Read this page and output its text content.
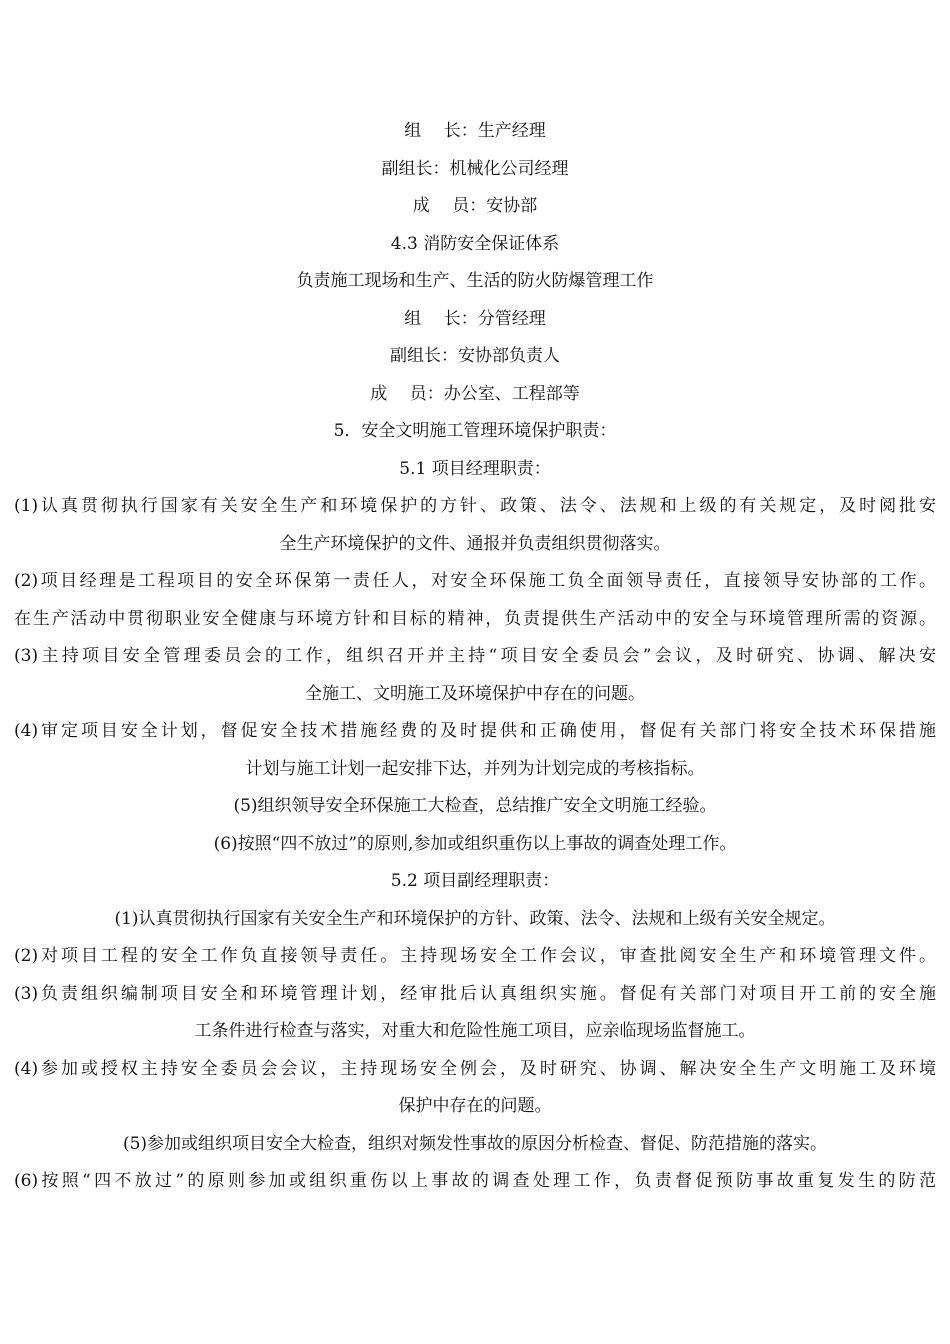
组　 长：生产经理
副组长：机械化公司经理
成　 员：安协部
4.3 消防安全保证体系
负责施工现场和生产、生活的防火防爆管理工作
组　 长：分管经理
副组长：安协部负责人
成　 员：办公室、工程部等
5．安全文明施工管理环境保护职责：
5.1 项目经理职责：
(1)认真贯彻执行国家有关安全生产和环境保护的方针、政策、法令、法规和上级的有关规定，及时阅批安
全生产环境保护的文件、通报并负责组织贯彻落实。
(2)项目经理是工程项目的安全环保第一责任人，对安全环保施工负全面领导责任，直接领导安协部的工作。
在生产活动中贯彻职业安全健康与环境方针和目标的精神，负责提供生产活动中的安全与环境管理所需的资源。
(3)主持项目安全管理委员会的工作，组织召开并主持“项目安全委员会”会议，及时研究、协调、解决安
全施工、文明施工及环境保护中存在的问题。
(4)审定项目安全计划，督促安全技术措施经费的及时提供和正确使用，督促有关部门将安全技术环保措施
计划与施工计划一起安排下达，并列为计划完成的考核指标。
(5)组织领导安全环保施工大检查，总结推广安全文明施工经验。
(6)按照“四不放过”的原则,参加或组织重伤以上事故的调查处理工作。
5.2 项目副经理职责：
(1)认真贯彻执行国家有关安全生产和环境保护的方针、政策、法令、法规和上级有关安全规定。
(2)对项目工程的安全工作负直接领导责任。主持现场安全工作会议，审查批阅安全生产和环境管理文件。
(3)负责组织编制项目安全和环境管理计划，经审批后认真组织实施。督促有关部门对项目开工前的安全施
工条件进行检查与落实，对重大和危险性施工项目，应亲临现场监督施工。
(4)参加或授权主持安全委员会会议，主持现场安全例会，及时研究、协调、解决安全生产文明施工及环境
保护中存在的问题。
(5)参加或组织项目安全大检查，组织对频发性事故的原因分析检查、督促、防范措施的落实。
(6)按照“四不放过”的原则参加或组织重伤以上事故的调查处理工作，负责督促预防事故重复发生的防范
